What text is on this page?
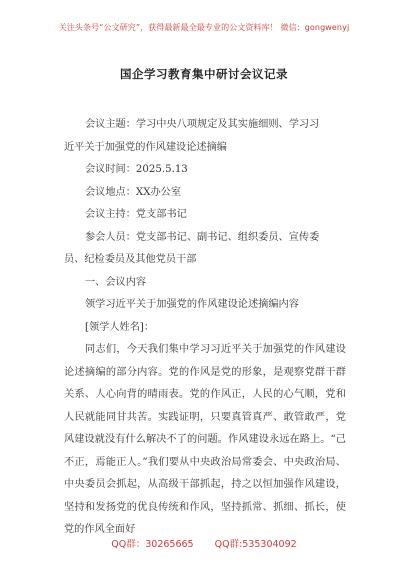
关注头条号“公文研究”，获得最新最全最专业的公文资料库！ 微信：gongwenyj
国企学习教育集中研讨会议记录

会议主题：学习中央八项规定及其实施细则、学习习

近平关于加强党的作风建设论述摘编

会议时间：2025.5.13

会议地点：XX办公室

会议主持：党支部书记

参会人员：党支部书记、副书记、组织委员、宣传委

员、纪检委员及其他党员干部

一、会议内容

领学习近平关于加强党的作风建设论述摘编内容

[领学人姓名]：

同志们，今天我们集中学习习近平关于加强党的作风建设论述摘编的部分内容。党的作风是党的形象，是观察党群干群关系、人心向背的晴雨表。党的作风正，人民的心气顺，党和人民就能同甘共苦。实践证明，只要真管真严、敢管敢严，党风建设就没有什么解决不了的问题。作风建设永远在路上。“己不正，焉能正人。”我们要从中央政治局常委会、中央政治局、中央委员会抓起，从高级干部抓起，持之以恒加强作风建设，坚持和发扬党的优良传统和作风，坚持抓常、抓细、抓长，使党的作风全面好

QQ群：30265665 QQ群:535304092
